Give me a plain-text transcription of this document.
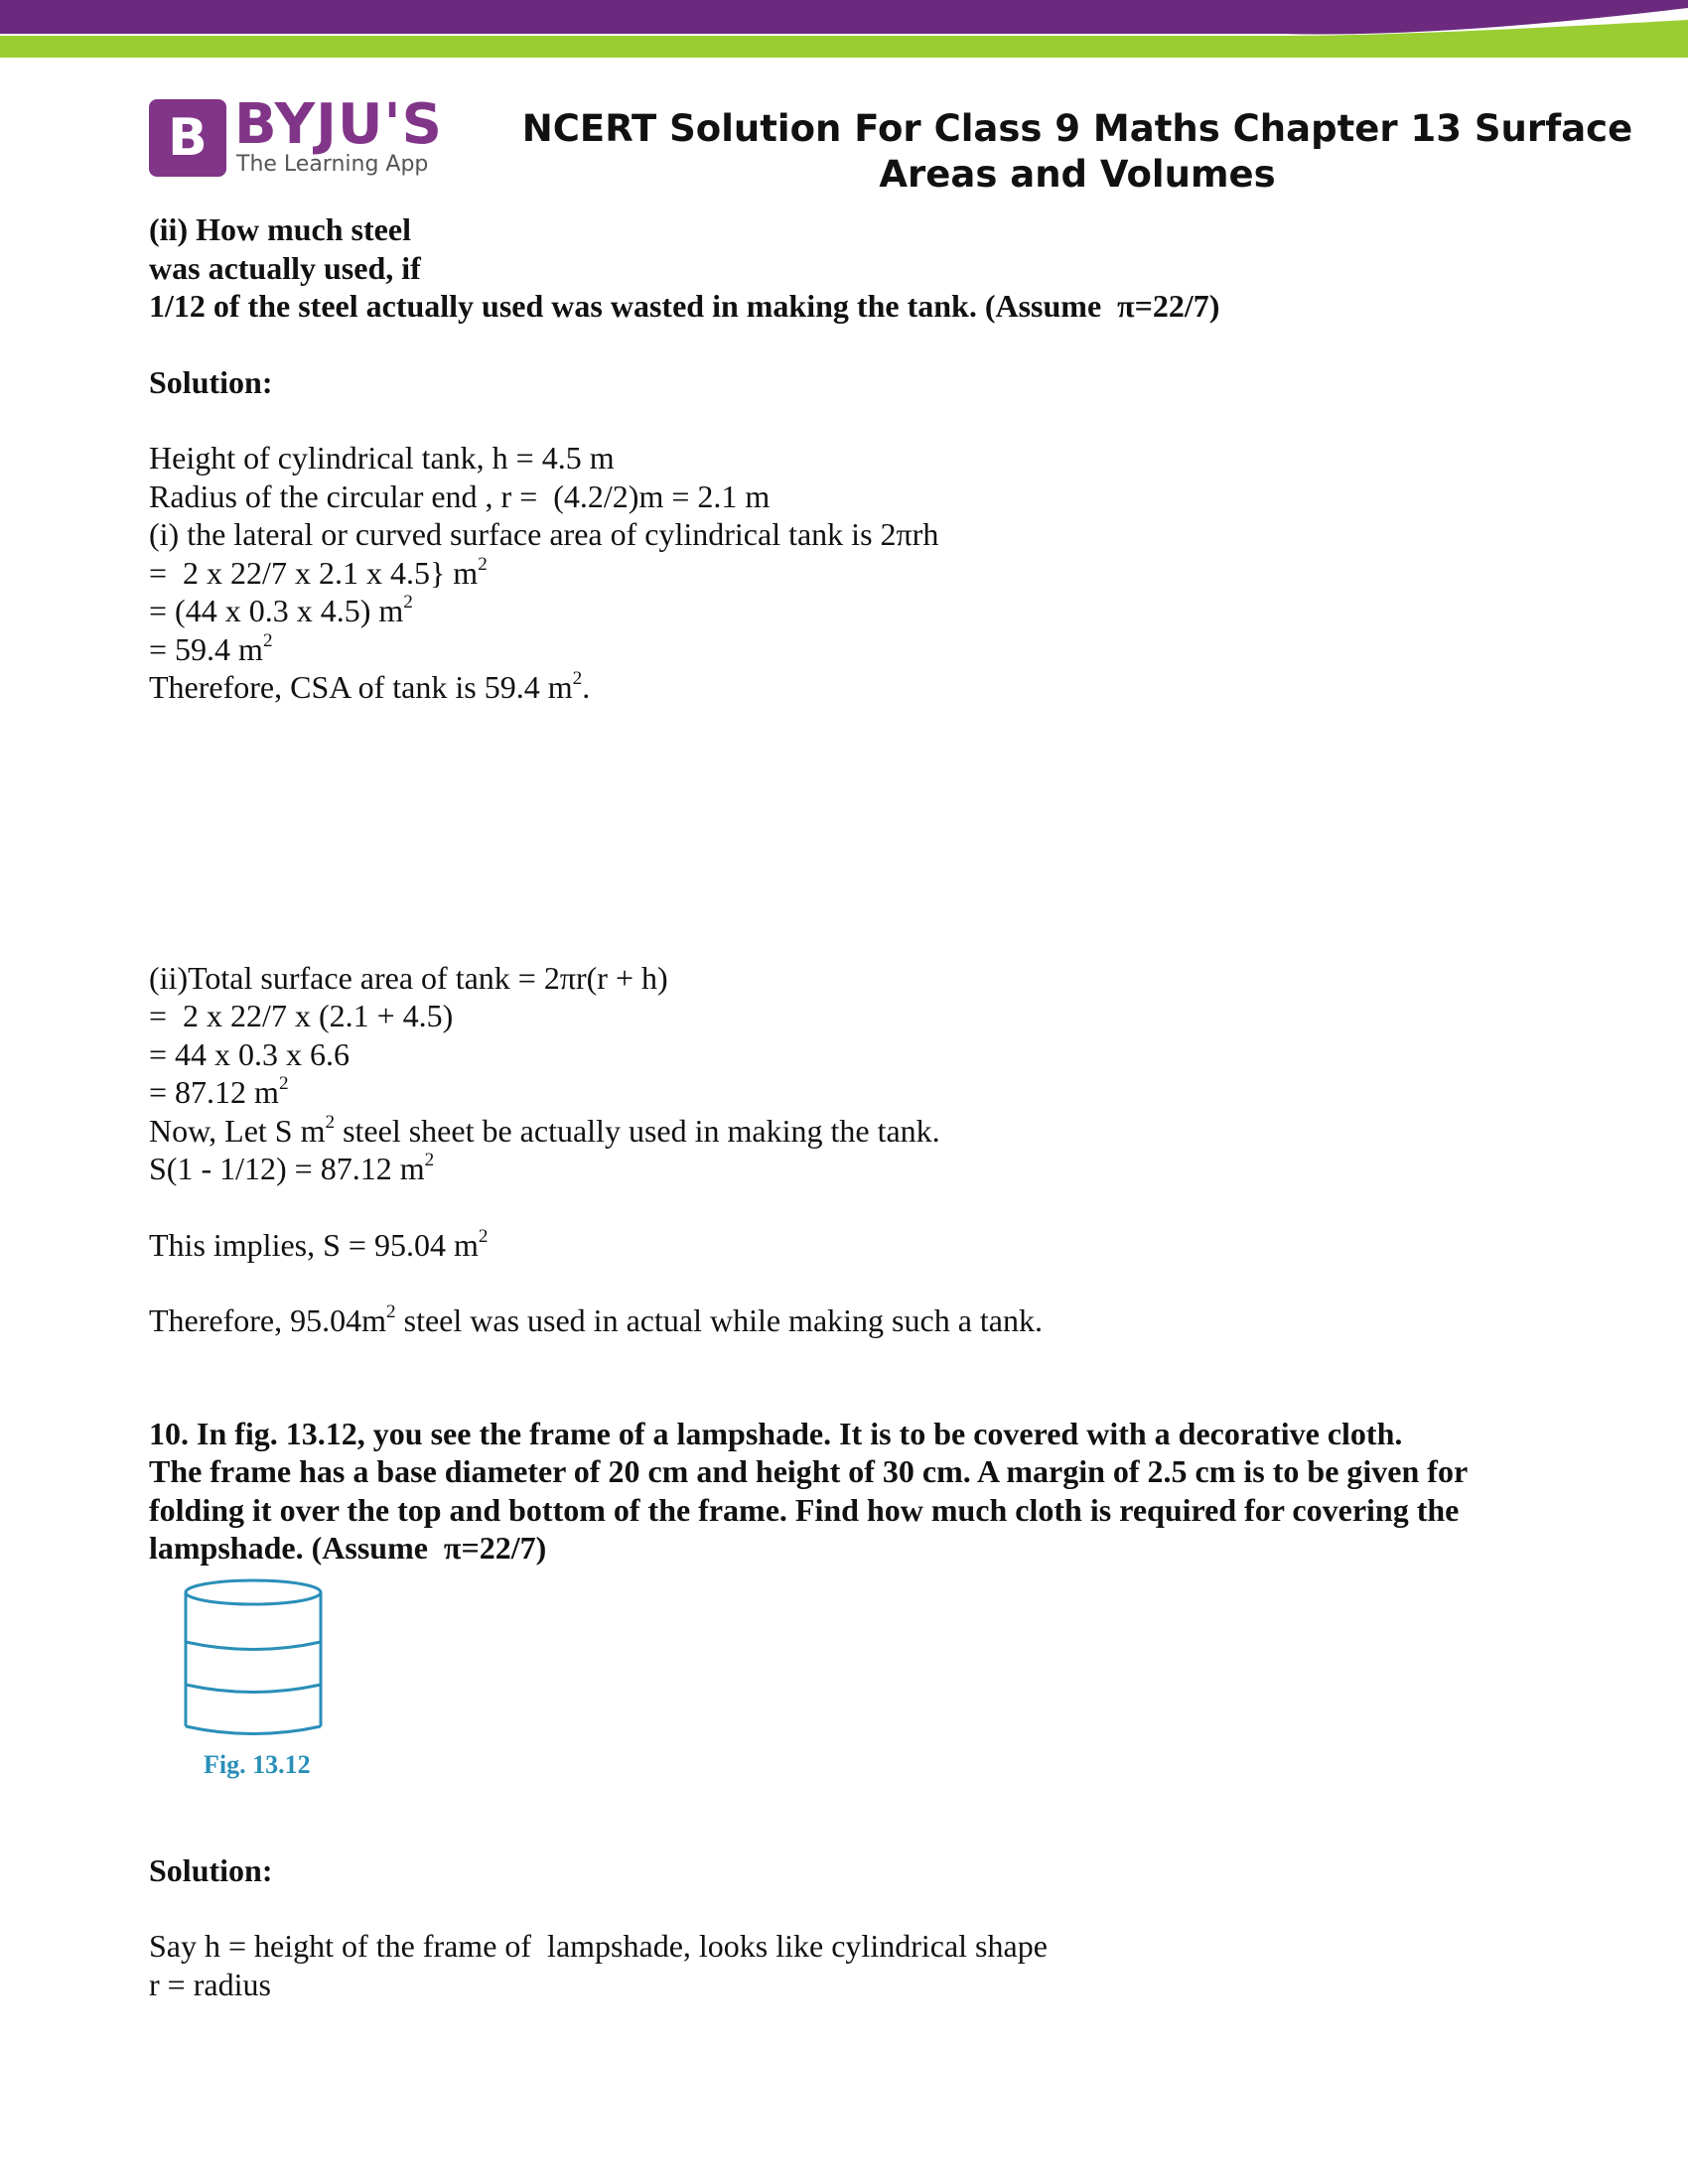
B BYJU'S
The Learning App
NCERT Solution For Class 9 Maths Chapter 13 Surface
Areas and Volumes
(ii) How much steel
was actually used, if
1/12 of the steel actually used was wasted in making the tank. (Assume  π=22/7)
Solution:
Height of cylindrical tank, h = 4.5 m
Radius of the circular end , r =  (4.2/2)m = 2.1 m
(i) the lateral or curved surface area of cylindrical tank is 2πrh
=  2 x 22/7 x 2.1 x 4.5} $m^2$
= (44 x 0.3 x 4.5) $m^2$
= 59.4 $m^2$
Therefore, CSA of tank is 59.4 $m^2$.
(ii)Total surface area of tank = 2πr(r + h)
=  2 x 22/7 x (2.1 + 4.5)
= 44 x 0.3 x 6.6
= 87.12 $m^2$
Now, Let S $m^2$ steel sheet be actually used in making the tank.
S(1 - 1/12) = 87.12 $m^2$
This implies, S = 95.04 $m^2$
Therefore, $95.04m^2$ steel was used in actual while making such a tank.
10. In fig. 13.12, you see the frame of a lampshade. It is to be covered with a decorative cloth.
The frame has a base diameter of 20 cm and height of 30 cm. A margin of 2.5 cm is to be given for
folding it over the top and bottom of the frame. Find how much cloth is required for covering the
lampshade. (Assume  π=22/7)
Fig. 13.12
Solution:
Say h = height of the frame of  lampshade, looks like cylindrical shape
r = radius
